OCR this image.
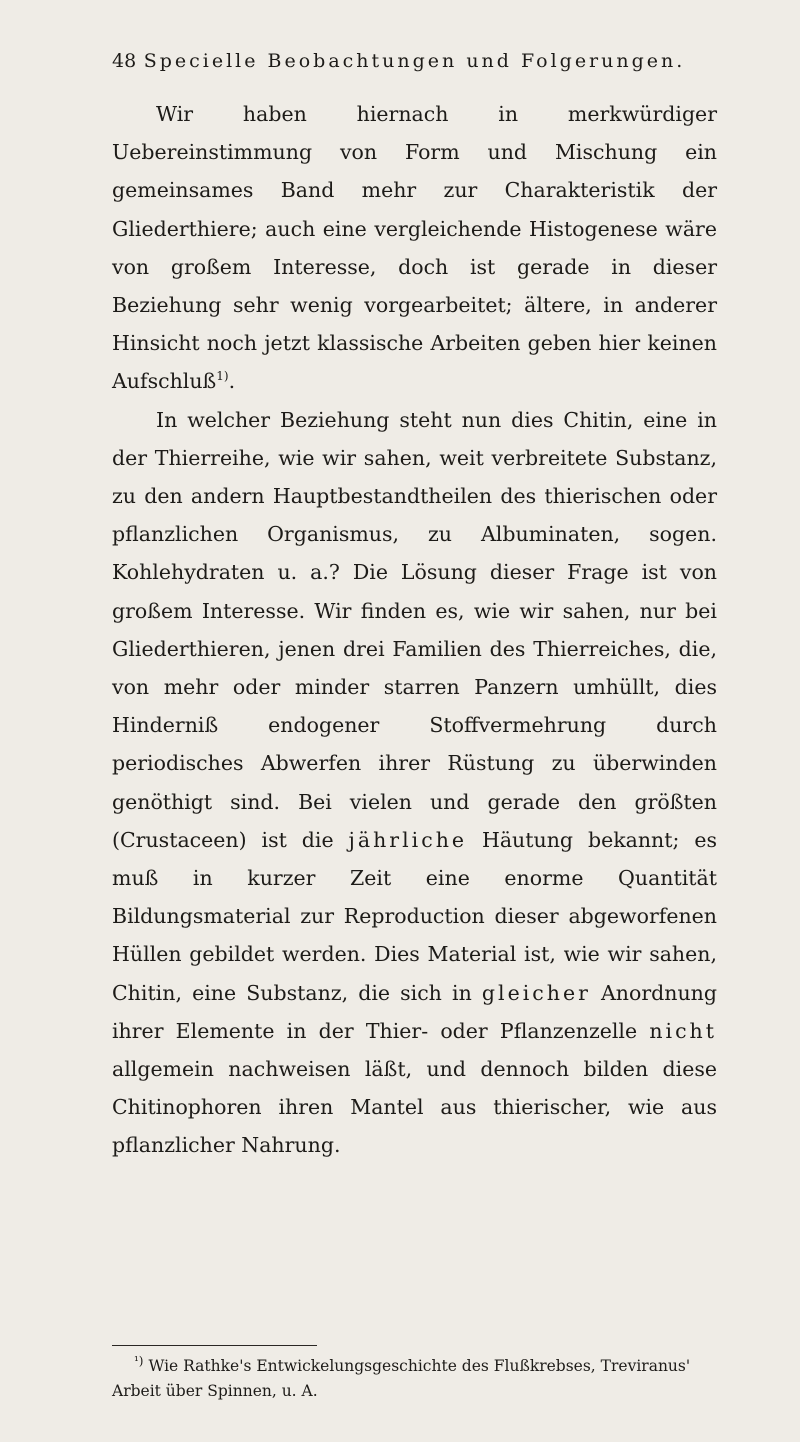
48 Specielle Beobachtungen und Folgerungen.

Wir haben hiernach in merkwürdiger Uebereinstimmung von Form und Mischung ein gemeinsames Band mehr zur Charakteristik der Gliederthiere; auch eine vergleichende Histogenese wäre von großem Interesse, doch ist gerade in dieser Beziehung sehr wenig vorgearbeitet; ältere, in anderer Hinsicht noch jetzt klassische Arbeiten geben hier keinen Aufschluß$^{1)}$.

In welcher Beziehung steht nun dies Chitin, eine in der Thierreihe, wie wir sahen, weit verbreitete Substanz, zu den andern Hauptbestandtheilen des thierischen oder pflanzlichen Organismus, zu Albuminaten, sogen. Kohlehydraten u. a.? Die Lösung dieser Frage ist von großem Interesse. Wir finden es, wie wir sahen, nur bei Gliederthieren, jenen drei Familien des Thierreiches, die, von mehr oder minder starren Panzern umhüllt, dies Hinderniß endogener Stoffvermehrung durch periodisches Abwerfen ihrer Rüstung zu überwinden genöthigt sind. Bei vielen und gerade den größten (Crustaceen) ist die jährliche Häutung bekannt; es muß in kurzer Zeit eine enorme Quantität Bildungsmaterial zur Reproduction dieser abgeworfenen Hüllen gebildet werden. Dies Material ist, wie wir sahen, Chitin, eine Substanz, die sich in gleicher Anordnung ihrer Elemente in der Thier- oder Pflanzenzelle nicht allgemein nachweisen läßt, und dennoch bilden diese Chitinophoren ihren Mantel aus thierischer, wie aus pflanzlicher Nahrung.

$^{^1)}$ Wie Rathke's Entwickelungsgeschichte des Flußkrebses, Treviranus' Arbeit über Spinnen, u. A.
